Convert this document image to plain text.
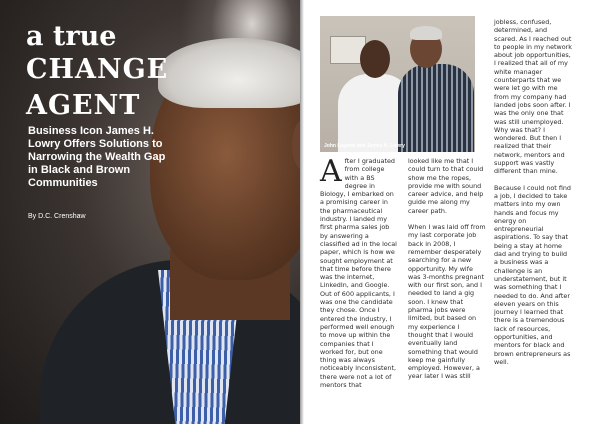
a true
CHANGE
AGENT

Business Icon James H. Lowry Offers Solutions to Narrowing the Wealth Gap in Black and Brown Communities

By D.C. Crenshaw

John Legend and James H. Lowry

After I graduated from college with a BS degree in Biology, I embarked on a promising career in the pharmaceutical industry. I landed my first pharma sales job by answering a classified ad in the local paper, which is how we sought employment at that time before there was the internet, LinkedIn, and Google. Out of 600 applicants, I was one the candidate they chose. Once I entered the industry, I performed well enough to move up within the companies that I worked for, but one thing was always noticeably inconsistent, there were not a lot of mentors that

looked like me that I could turn to that could show me the ropes, provide me with sound career advice, and help guide me along my career path.

When I was laid off from my last corporate job back in 2008, I remember desperately searching for a new opportunity. My wife was 3-months pregnant with our first son, and I needed to land a gig soon. I knew that pharma jobs were limited, but based on my experience I thought that I would eventually land something that would keep me gainfully employed. However, a year later I was still

jobless, confused, determined, and scared. As I reached out to people in my network about job opportunities, I realized that all of my white manager counterparts that we were let go with me from my company had landed jobs soon after. I was the only one that was still unemployed. Why was that? I wondered. But then I realized that their network, mentors and support was vastly different than mine.

Because I could not find a job, I decided to take matters into my own hands and focus my energy on entrepreneurial aspirations. To say that being a stay at home dad and trying to build a business was a challenge is an understatement, but it was something that I needed to do. And after eleven years on this journey I learned that there is a tremendous lack of resources, opportunities, and mentors for black and brown entrepreneurs as well.
